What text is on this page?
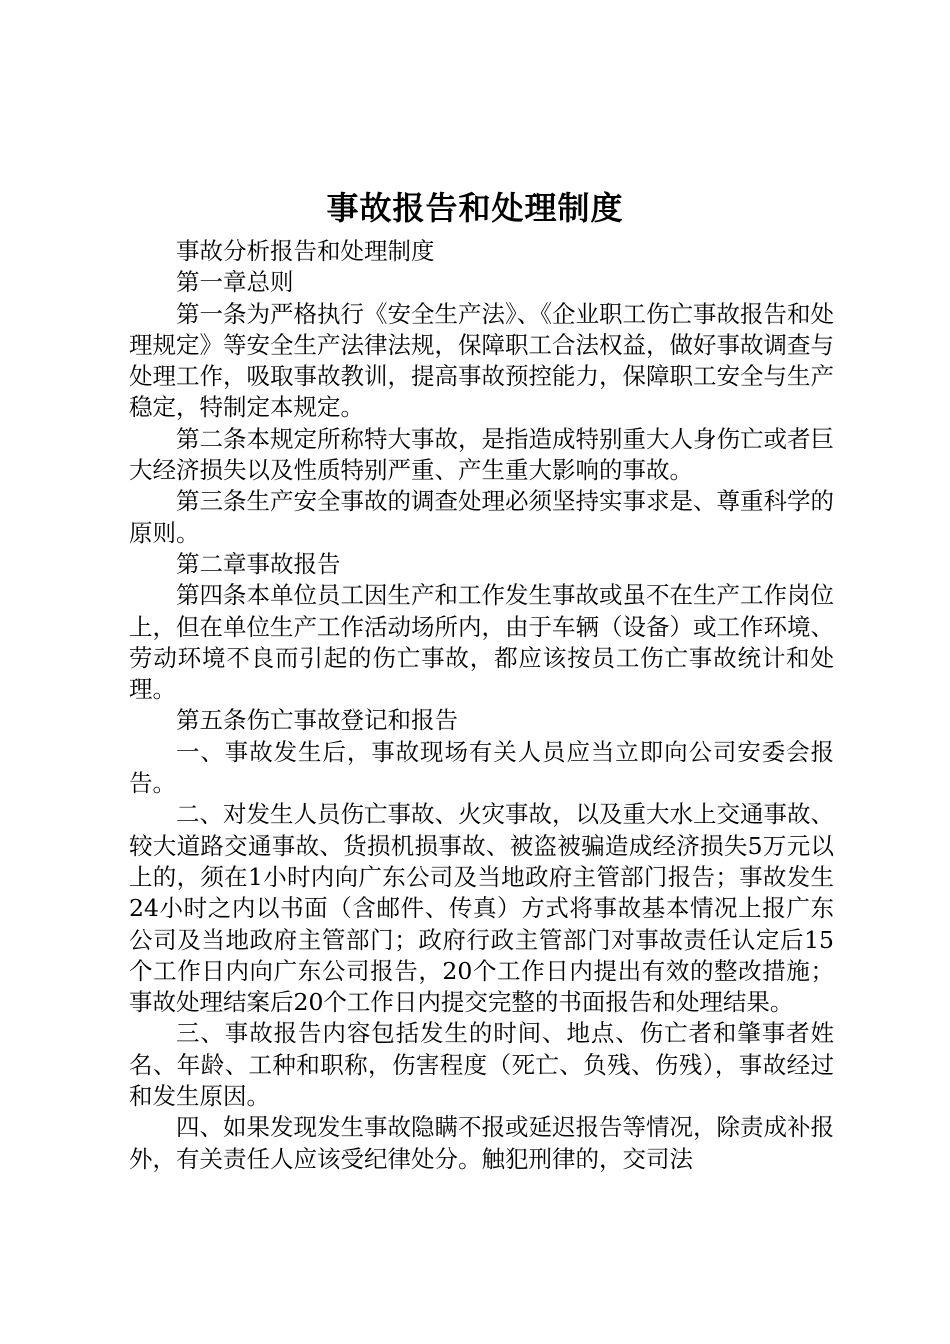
事故报告和处理制度

事故分析报告和处理制度

第一章总则

第一条为严格执行《安全生产法》、《企业职工伤亡事故报告和处理规定》等安全生产法律法规，保障职工合法权益，做好事故调查与处理工作，吸取事故教训，提高事故预控能力，保障职工安全与生产稳定，特制定本规定。

第二条本规定所称特大事故，是指造成特别重大人身伤亡或者巨大经济损失以及性质特别严重、产生重大影响的事故。

第三条生产安全事故的调查处理必须坚持实事求是、尊重科学的原则。

第二章事故报告

第四条本单位员工因生产和工作发生事故或虽不在生产工作岗位上，但在单位生产工作活动场所内，由于车辆（设备）或工作环境、劳动环境不良而引起的伤亡事故，都应该按员工伤亡事故统计和处理。

第五条伤亡事故登记和报告

一、事故发生后，事故现场有关人员应当立即向公司安委会报告。

二、对发生人员伤亡事故、火灾事故，以及重大水上交通事故、较大道路交通事故、货损机损事故、被盗被骗造成经济损失5万元以上的，须在1小时内向广东公司及当地政府主管部门报告；事故发生24小时之内以书面（含邮件、传真）方式将事故基本情况上报广东公司及当地政府主管部门；政府行政主管部门对事故责任认定后15个工作日内向广东公司报告，20个工作日内提出有效的整改措施；事故处理结案后20个工作日内提交完整的书面报告和处理结果。

三、事故报告内容包括发生的时间、地点、伤亡者和肇事者姓名、年龄、工种和职称，伤害程度（死亡、负残、伤残），事故经过和发生原因。

四、如果发现发生事故隐瞒不报或延迟报告等情况，除责成补报外，有关责任人应该受纪律处分。触犯刑律的，交司法
